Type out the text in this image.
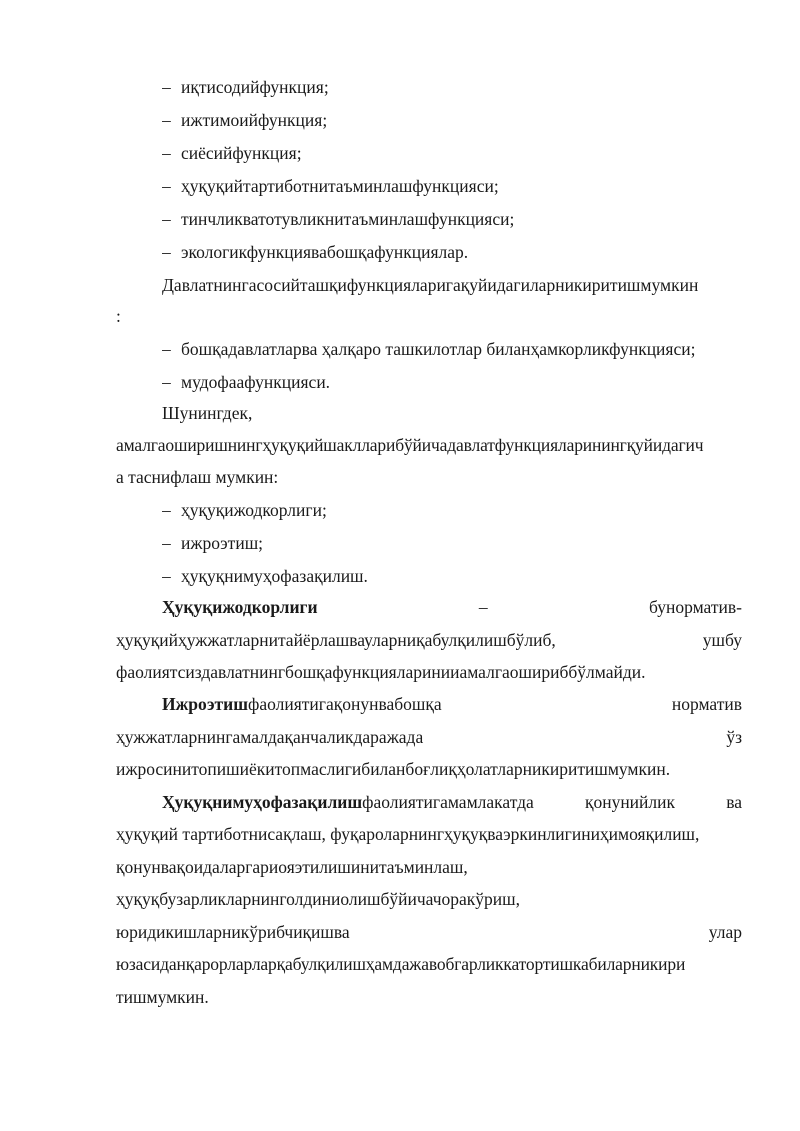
– иқтисодийфункция;
– ижтимоийфункция;
– сиёсийфункция;
– ҳуқуқийтартиботнитаъминлашфункцияси;
– тинчликватотувликнитаъминлашфункцияси;
– экологикфункциявабошқафункциялар.
Давлатнингасосийташқифункцияларигақуйидагиларникиритишмумкин
:
– бошқадавлатларва ҳалқаро ташкилотлар биланҳамкорликфункцияси;
– мудофаафункцияси.
Шунингдек,
амалгаоширишнингҳуқуқийшаклларибўйичадавлатфункцияларинингқуйидагич
а таснифлаш мумкин:
– ҳуқуқижодкорлиги;
– ижроэтиш;
– ҳуқуқнимуҳофазақилиш.
Ҳуқуқижодкорлиги	–	бунорматив-
ҳуқуқийҳужжатларнитайёрлашвауларниқабулқилишбўлиб,	ушбу
фаолиятсиздавлатнингбошқафункцияларинииамалгаошириббўлмайди.
Ижроэтишфаолиятигақонунвабошқа	норматив
ҳужжатларнингамалдақанчаликдаражада	ўз
ижросинитопишиёкитопмаслигибиланбоғлиқҳолатларникиритишмумкин.
Ҳуқуқнимуҳофазақилишфаолиятигамамлакатда	қонунийлик	ва
ҳуқуқий тартиботнисақлаш, фуқароларнингҳуқуқваэркинлигиниҳимояқилиш,
қонунвақоидаларгариояэтилишинитаъминлаш,
ҳуқуқбузарликларнинголдиниолишбўйичачоракўриш,
юридикишларникўрибчиқишва	улар
юзасиданқарорларларқабулқилишҳамдажавобгарликкатортишкабиларникири
тишмумкин.
